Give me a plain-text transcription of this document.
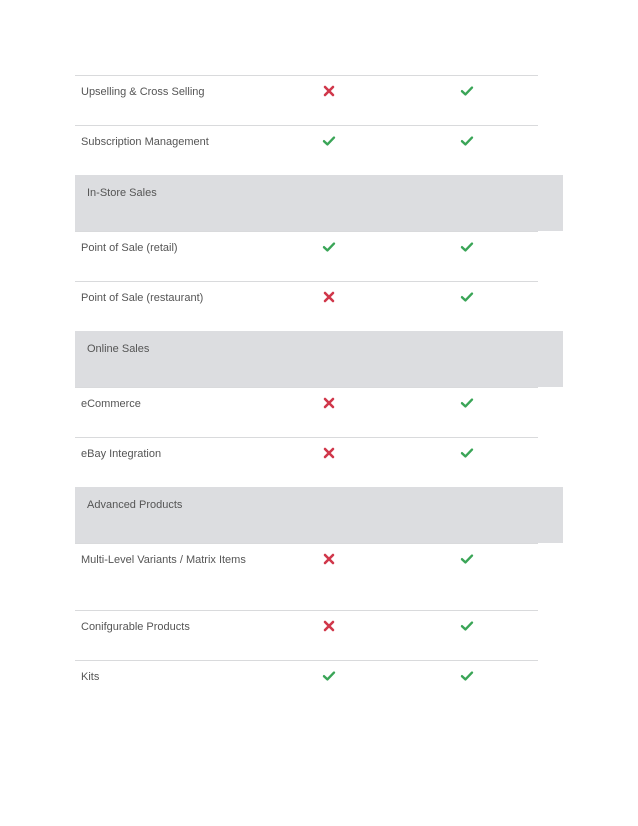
Upselling & Cross Selling
Subscription Management
In-Store Sales
Point of Sale (retail)
Point of Sale (restaurant)
Online Sales
eCommerce
eBay Integration
Advanced Products
Multi-Level Variants / Matrix Items
Conifgurable Products
Kits
